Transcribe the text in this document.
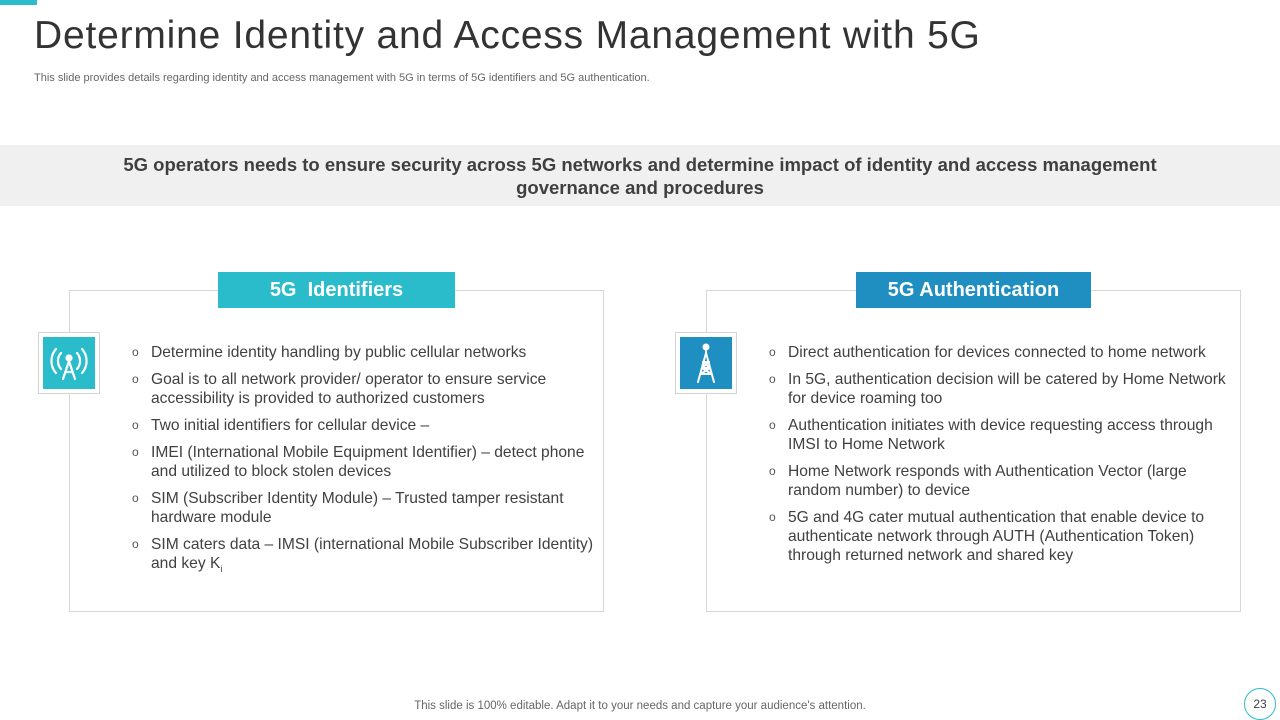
Determine Identity and Access Management with 5G
This slide provides details regarding identity and access management with 5G in terms of 5G identifiers and 5G authentication.
5G operators needs to ensure security across 5G networks and determine impact of identity and access management governance and procedures
5G  Identifiers
o Determine identity handling by public cellular networks
o Goal is to all network provider/ operator to ensure service accessibility is provided to authorized customers
o Two initial identifiers for cellular device –
o IMEI (International Mobile Equipment Identifier) – detect phone and utilized to block stolen devices
o SIM (Subscriber Identity Module) – Trusted tamper resistant hardware module
o SIM caters data – IMSI (international Mobile Subscriber Identity) and key $K_i$
5G Authentication
o Direct authentication for devices connected to home network
o In 5G, authentication decision will be catered by Home Network for device roaming too
o Authentication initiates with device requesting access through IMSI to Home Network
o Home Network responds with Authentication Vector (large random number) to device
o 5G and 4G cater mutual authentication that enable device to authenticate network through AUTH (Authentication Token) through returned network and shared key
This slide is 100% editable. Adapt it to your needs and capture your audience's attention.	23
